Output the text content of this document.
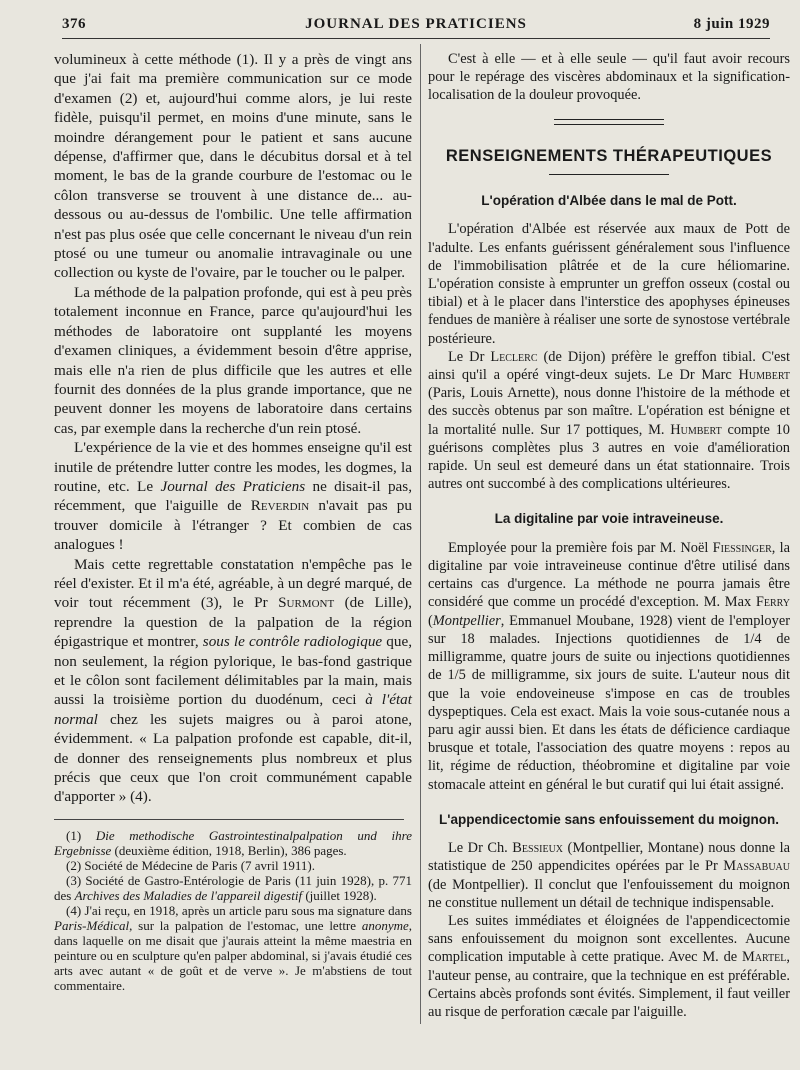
376	JOURNAL DES PRATICIENS	8 juin 1929

volumineux à cette méthode (1). Il y a près de vingt ans que j'ai fait ma première communication sur ce mode d'examen (2) et, aujourd'hui comme alors, je lui reste fidèle, puisqu'il permet, en moins d'une minute, sans le moindre dérangement pour le patient et sans aucune dépense, d'affirmer que, dans le décubitus dorsal et à tel moment, le bas de la grande courbure de l'estomac ou le côlon transverse se trouvent à une distance de... au-dessous ou au-dessus de l'ombilic. Une telle affirmation n'est pas plus osée que celle concernant le niveau d'un rein ptosé ou une tumeur ou anomalie intravaginale ou une collection ou kyste de l'ovaire, par le toucher ou le palper.

La méthode de la palpation profonde, qui est à peu près totalement inconnue en France, parce qu'aujourd'hui les méthodes de laboratoire ont supplanté les moyens d'examen cliniques, a évidemment besoin d'être apprise, mais elle n'a rien de plus difficile que les autres et elle fournit des données de la plus grande importance, que ne peuvent donner les moyens de laboratoire dans certains cas, par exemple dans la recherche d'un rein ptosé.

L'expérience de la vie et des hommes enseigne qu'il est inutile de prétendre lutter contre les modes, les dogmes, la routine, etc. Le Journal des Praticiens ne disait-il pas, récemment, que l'aiguille de Reverdin n'avait pas pu trouver domicile à l'étranger ? Et combien de cas analogues !

Mais cette regrettable constatation n'empêche pas le réel d'exister. Et il m'a été, agréable, à un degré marqué, de voir tout récemment (3), le Pr Surmont (de Lille), reprendre la question de la palpation de la région épigastrique et montrer, sous le contrôle radiologique que, non seulement, la région pylorique, le bas-fond gastrique et le côlon sont facilement délimitables par la main, mais aussi la troisième portion du duodénum, ceci à l'état normal chez les sujets maigres ou à paroi atone, évidemment. « La palpation profonde est capable, dit-il, de donner des renseignements plus nombreux et plus précis que ceux que l'on croit communément capable d'apporter » (4).

(1) Die methodische Gastrointestinalpalpation und ihre Ergebnisse (deuxième édition, 1918, Berlin), 386 pages.

(2) Société de Médecine de Paris (7 avril 1911).

(3) Société de Gastro-Entérologie de Paris (11 juin 1928), p. 771 des Archives des Maladies de l'appareil digestif (juillet 1928).

(4) J'ai reçu, en 1918, après un article paru sous ma signature dans Paris-Médical, sur la palpation de l'estomac, une lettre anonyme, dans laquelle on me disait que j'aurais atteint la même maestria en peinture ou en sculpture qu'en palper abdominal, si j'avais étudié ces arts avec autant « de goût et de verve ». Je m'abstiens de tout commentaire.

C'est à elle — et à elle seule — qu'il faut avoir recours pour le repérage des viscères abdominaux et la signification-localisation de la douleur provoquée.

RENSEIGNEMENTS THÉRAPEUTIQUES
L'opération d'Albée dans le mal de Pott.

L'opération d'Albée est réservée aux maux de Pott de l'adulte. Les enfants guérissent généralement sous l'influence de l'immobilisation plâtrée et de la cure héliomarine. L'opération consiste à emprunter un greffon osseux (costal ou tibial) et à le placer dans l'interstice des apophyses épineuses fendues de manière à réaliser une sorte de synostose vertébrale postérieure.

Le Dr Leclerc (de Dijon) préfère le greffon tibial. C'est ainsi qu'il a opéré vingt-deux sujets. Le Dr Marc Humbert (Paris, Louis Arnette), nous donne l'histoire de la méthode et des succès obtenus par son maître. L'opération est bénigne et la mortalité nulle. Sur 17 pottiques, M. Humbert compte 10 guérisons complètes plus 3 autres en voie d'amélioration rapide. Un seul est demeuré dans un état stationnaire. Trois autres ont succombé à des complications ultérieures.

La digitaline par voie intraveineuse.

Employée pour la première fois par M. Noël Fiessinger, la digitaline par voie intraveineuse continue d'être utilisé dans certains cas d'urgence. La méthode ne pourra jamais être considéré que comme un procédé d'exception. M. Max Ferry (Montpellier, Emmanuel Moubane, 1928) vient de l'employer sur 18 malades. Injections quotidiennes de 1/4 de milligramme, quatre jours de suite ou injections quotidiennes de 1/5 de milligramme, six jours de suite. L'auteur nous dit que la voie endoveineuse s'impose en cas de troubles dyspeptiques. Cela est exact. Mais la voie sous-cutanée nous a paru agir aussi bien. Et dans les états de déficience cardiaque brusque et totale, l'association des quatre moyens : repos au lit, régime de réduction, théobromine et digitaline par voie stomacale atteint en général le but curatif qui lui était assigné.

L'appendicectomie sans enfouissement du moignon.

Le Dr Ch. Bessieux (Montpellier, Montane) nous donne la statistique de 250 appendicites opérées par le Pr Massabuau (de Montpellier). Il conclut que l'enfouissement du moignon ne constitue nullement un détail de technique indispensable.

Les suites immédiates et éloignées de l'appendicectomie sans enfouissement du moignon sont excellentes. Aucune complication imputable à cette pratique. Avec M. de Martel, l'auteur pense, au contraire, que la technique en est préférable. Certains abcès profonds sont évités. Simplement, il faut veiller au risque de perforation cæcale par l'aiguille.
